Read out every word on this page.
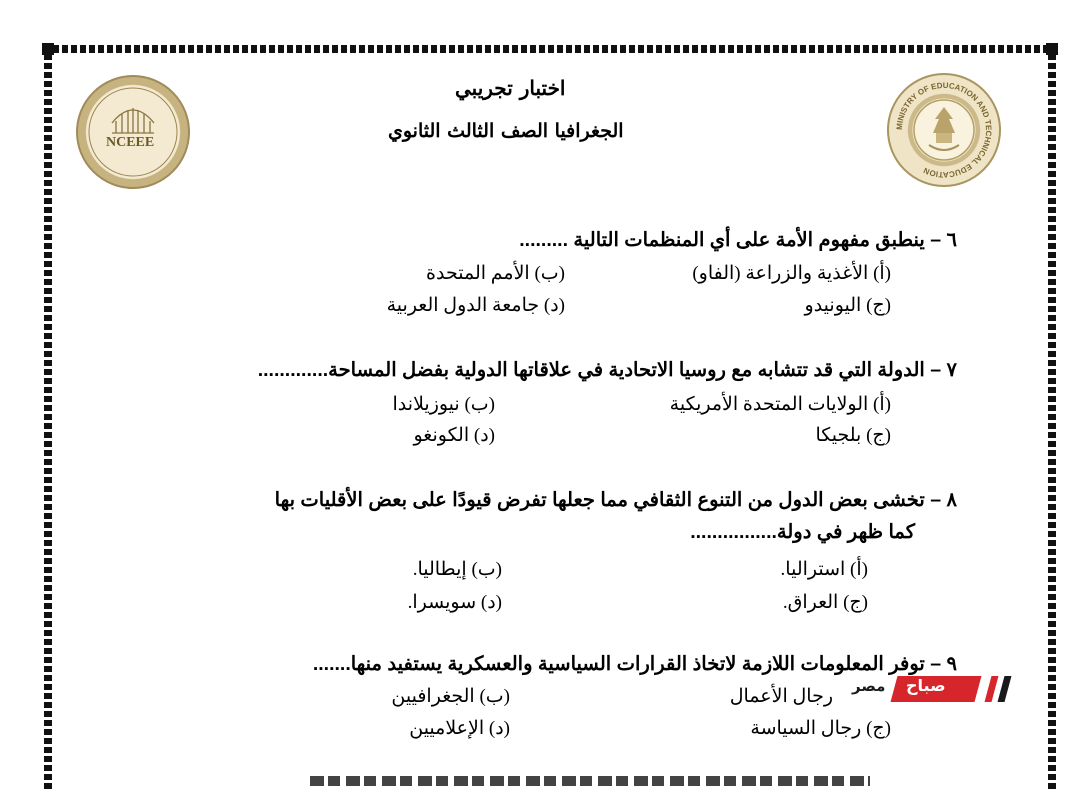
MINISTRY OF EDUCATION AND TECHNICAL EDUCATION
NCEEE
اختبار تجريبي
الجغرافيا الصف الثالث الثانوي
٦ – ينطبق مفهوم الأمة على أي المنظمات التالية .........
(أ) الأغذية والزراعة (الفاو)
(ب) الأمم المتحدة
(ج) اليونيدو
(د) جامعة الدول العربية
٧ – الدولة التي قد تتشابه مع روسيا الاتحادية في علاقاتها الدولية بفضل المساحة.............
(أ) الولايات المتحدة الأمريكية
(ب) نيوزيلاندا
(ج) بلجيكا
(د) الكونغو
٨ – تخشى بعض الدول من التنوع الثقافي مما جعلها تفرض قيودًا على بعض الأقليات بها
كما ظهر في دولة................
(أ) استراليا.
(ب) إيطاليا.
(ج) العراق.
(د) سويسرا.
٩ – توفر المعلومات اللازمة لاتخاذ القرارات السياسية والعسكرية يستفيد منها.......
رجال الأعمال
(ب) الجغرافيين
(ج) رجال السياسة
(د) الإعلاميين
مصر صباح
